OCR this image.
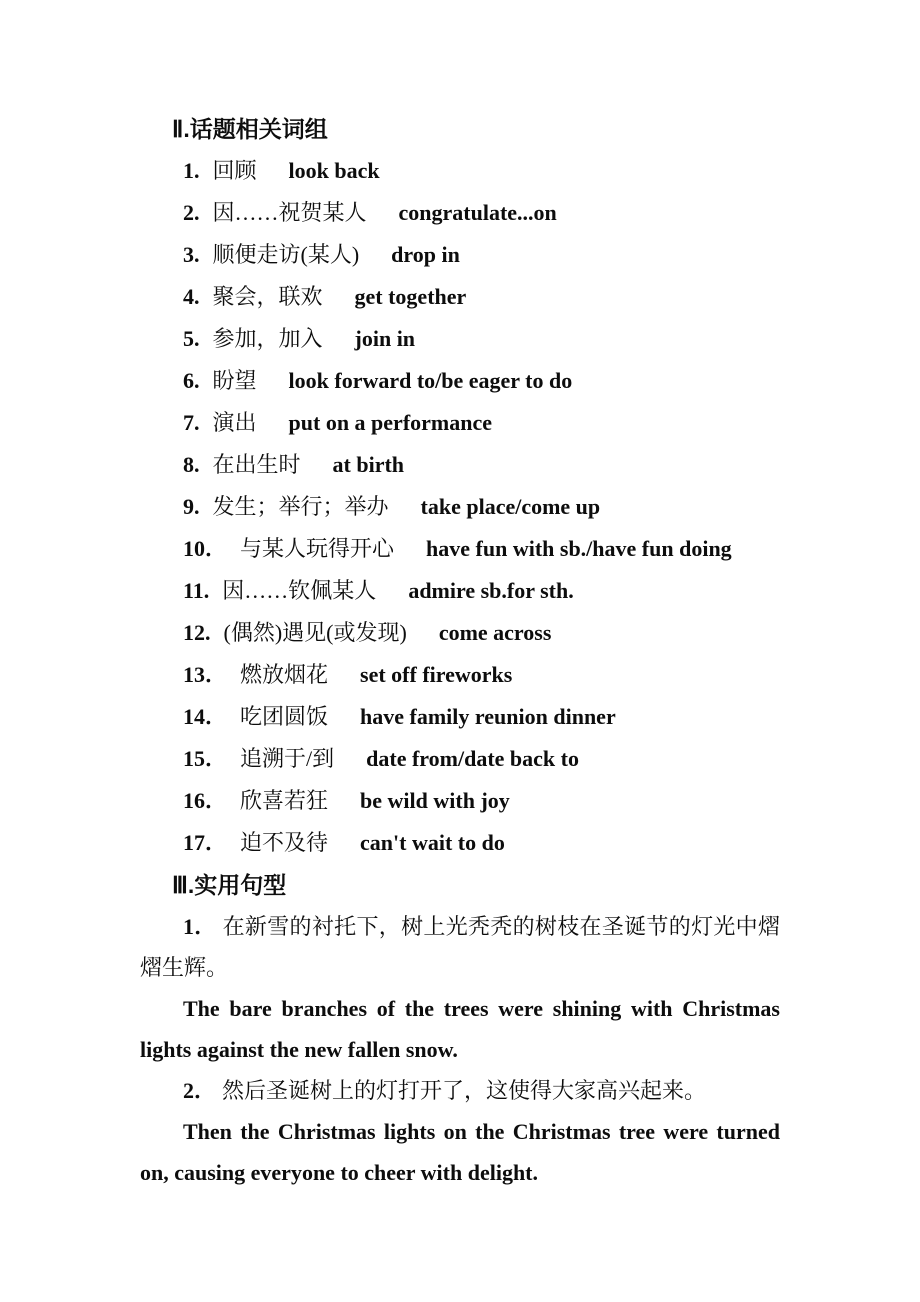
Ⅱ.话题相关词组
1. 回顾 look back
2. 因……祝贺某人 congratulate...on
3. 顺便走访(某人) drop in
4. 聚会，联欢 get together
5. 参加，加入 join in
6. 盼望 look forward to/be eager to do
7. 演出 put on a performance
8. 在出生时 at birth
9. 发生；举行；举办 take place/come up
10． 与某人玩得开心 have fun with sb./have fun doing
11. 因……钦佩某人 admire sb.for sth.
12. (偶然)遇见(或发现) come across
13． 燃放烟花 set off fireworks
14． 吃团圆饭 have family reunion dinner
15． 追溯于/到 date from/date back to
16． 欣喜若狂 be wild with joy
17． 迫不及待 can't wait to do
Ⅲ.实用句型

1． 在新雪的衬托下，树上光秃秃的树枝在圣诞节的灯光中熠熠生辉。

The bare branches of the trees were shining with Christmas lights against the new fallen snow.

2． 然后圣诞树上的灯打开了，这使得大家高兴起来。

Then the Christmas lights on the Christmas tree were turned on, causing everyone to cheer with delight.
